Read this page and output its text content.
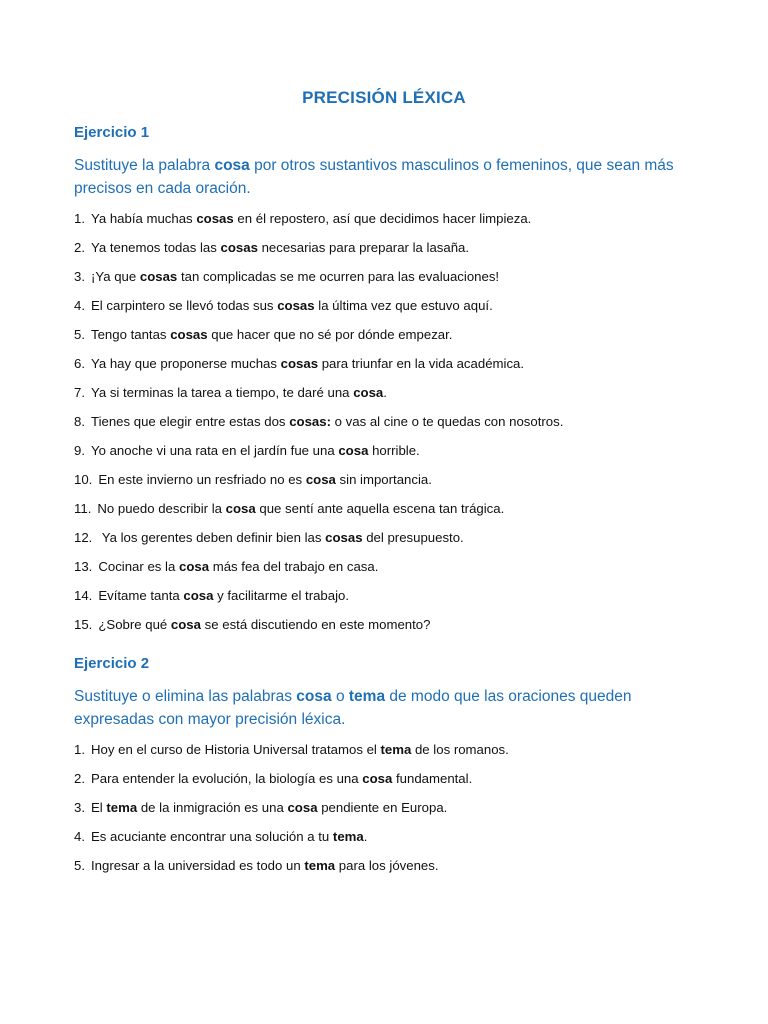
PRECISIÓN LÉXICA
Ejercicio 1
Sustituye la palabra cosa por otros sustantivos masculinos o femeninos, que sean más precisos en cada oración.
1. Ya había muchas cosas en él repostero, así que decidimos hacer limpieza.
2. Ya tenemos todas las cosas necesarias para preparar la lasaña.
3. ¡Ya que cosas tan complicadas se me ocurren para las evaluaciones!
4. El carpintero se llevó todas sus cosas la última vez que estuvo aquí.
5. Tengo tantas cosas que hacer que no sé por dónde empezar.
6. Ya hay que proponerse muchas cosas para triunfar en la vida académica.
7. Ya si terminas la tarea a tiempo, te daré una cosa.
8. Tienes que elegir entre estas dos cosas: o vas al cine o te quedas con nosotros.
9. Yo anoche vi una rata en el jardín fue una cosa horrible.
10. En este invierno un resfriado no es cosa sin importancia.
11. No puedo describir la cosa que sentí ante aquella escena tan trágica.
12. Ya los gerentes deben definir bien las cosas del presupuesto.
13. Cocinar es la cosa más fea del trabajo en casa.
14. Evítame tanta cosa y facilitarme el trabajo.
15. ¿Sobre qué cosa se está discutiendo en este momento?
Ejercicio 2
Sustituye o elimina las palabras cosa o tema de modo que las oraciones queden expresadas con mayor precisión léxica.
1. Hoy en el curso de Historia Universal tratamos el tema de los romanos.
2. Para entender la evolución, la biología es una cosa fundamental.
3. El tema de la inmigración es una cosa pendiente en Europa.
4. Es acuciante encontrar una solución a tu tema.
5. Ingresar a la universidad es todo un tema para los jóvenes.
